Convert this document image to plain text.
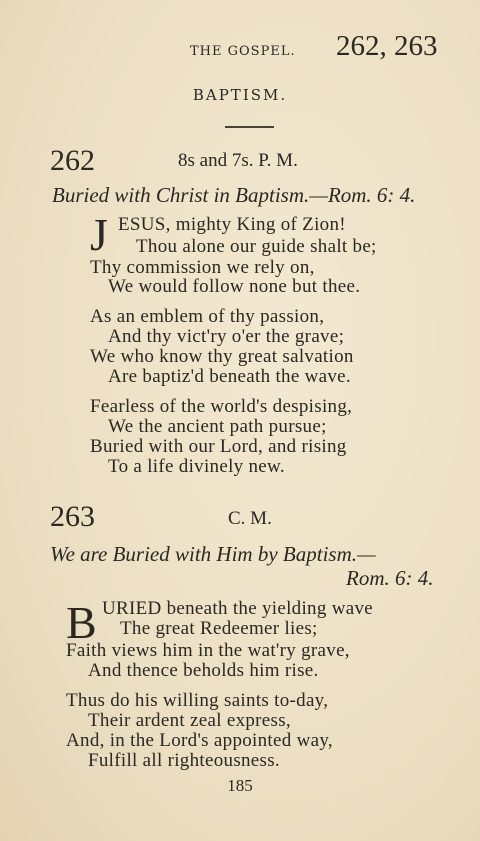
THE GOSPEL. 262, 263
BAPTISM.
262	8s and 7s. P. M.
Buried with Christ in Baptism.—Rom. 6: 4.
J ESUS, mighty King of Zion!
Thou alone our guide shalt be;
Thy commission we rely on,
We would follow none but thee.
As an emblem of thy passion,
And thy vict'ry o'er the grave;
We who know thy great salvation
Are baptiz'd beneath the wave.
Fearless of the world's despising,
We the ancient path pursue;
Buried with our Lord, and rising
To a life divinely new.
263	C. M.
We are Buried with Him by Baptism.—
Rom. 6: 4.
B URIED beneath the yielding wave
The great Redeemer lies;
Faith views him in the wat'ry grave,
And thence beholds him rise.
Thus do his willing saints to-day,
Their ardent zeal express,
And, in the Lord's appointed way,
Fulfill all righteousness.
185
